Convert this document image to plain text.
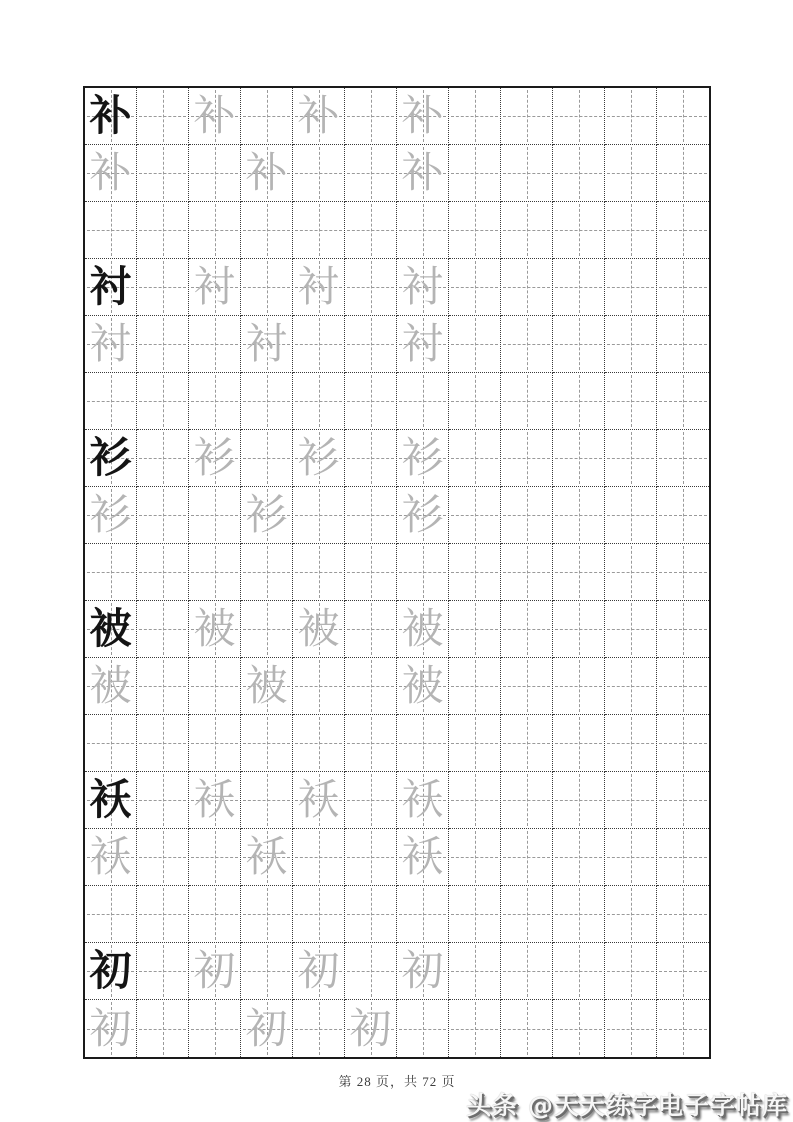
补 补 补 补
补	补	补
衬 衬 衬 衬
衬	衬	衬
衫 衫 衫 衫
衫	衫	衫
被 被 被 被
被	被	被
袄 袄 袄 袄
袄	袄	袄
初 初 初 初
初	初 初
第 28 页，共 72 页
头条 @天天练字电子字帖库
